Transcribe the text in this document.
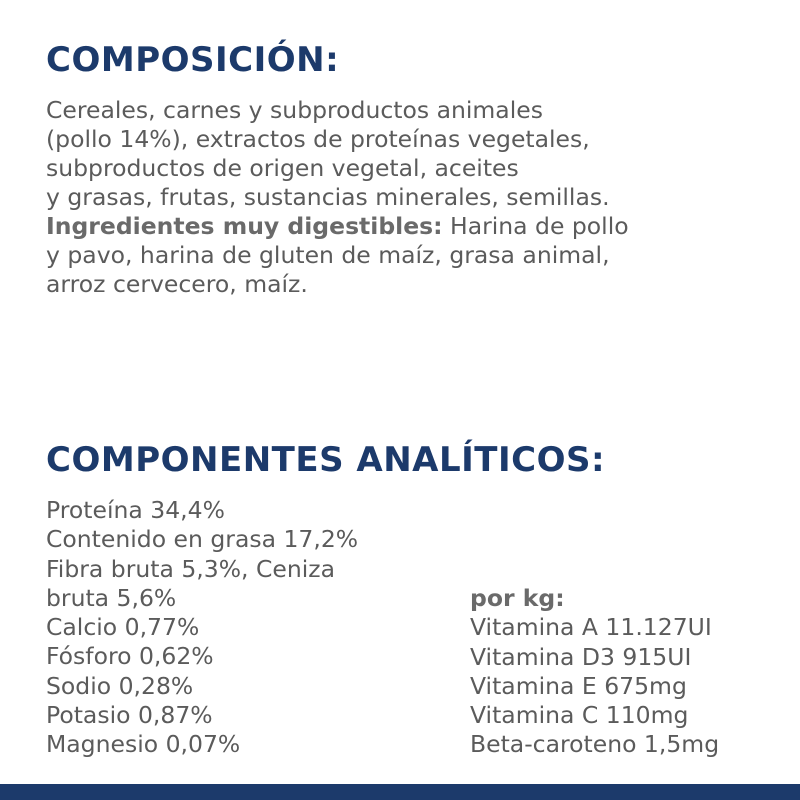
COMPOSICIÓN:
Cereales, carnes y subproductos animales
(pollo 14%), extractos de proteínas vegetales,
subproductos de origen vegetal, aceites
y grasas, frutas, sustancias minerales, semillas.
Ingredientes muy digestibles: Harina de pollo
y pavo, harina de gluten de maíz, grasa animal,
arroz cervecero, maíz.
COMPONENTES ANALÍTICOS:
Proteína 34,4%
Contenido en grasa 17,2%
Fibra bruta 5,3%, Ceniza
bruta 5,6%
Calcio 0,77%
Fósforo 0,62%
Sodio 0,28%
Potasio 0,87%
Magnesio 0,07%
por kg:
Vitamina A 11.127UI
Vitamina D3 915UI
Vitamina E 675mg
Vitamina C 110mg
Beta-caroteno 1,5mg
